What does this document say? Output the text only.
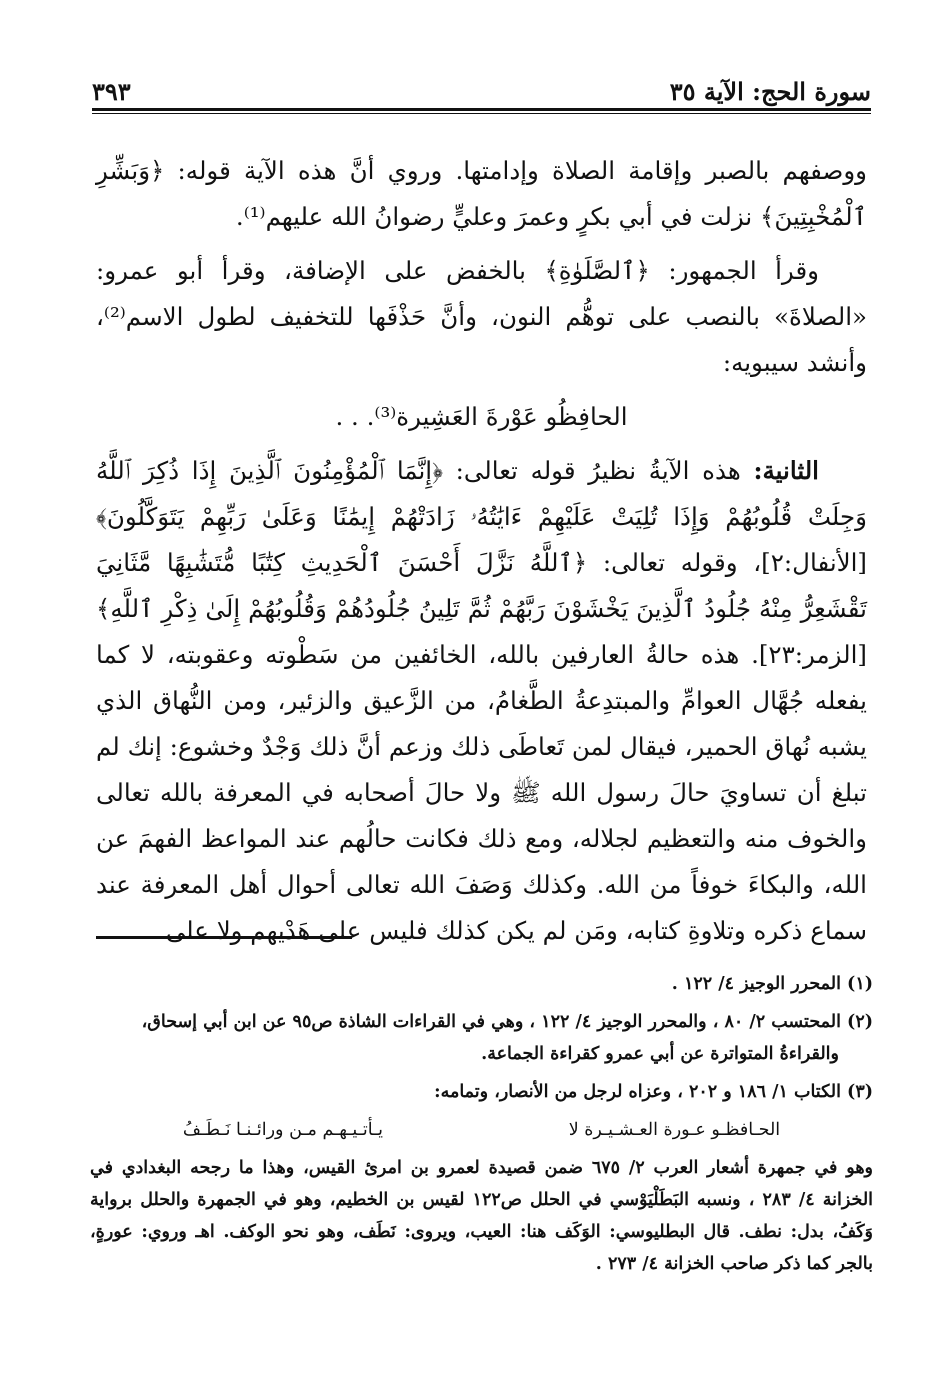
سورة الحج: الآية ٣٥
٣٩٣

ووصفهم بالصبر وإقامة الصلاة وإدامتها. وروي أنَّ هذه الآية قوله: ﴿وَبَشِّرِ ٱلْمُخْبِتِينَ﴾ نزلت في أبي بكرٍ وعمرَ وعليٍّ رضوانُ الله عليهم⁽¹⁾.

وقرأ الجمهور: ﴿ٱلصَّلَوٰةِ﴾ بالخفض على الإضافة، وقرأ أبو عمرو: «الصلاةَ» بالنصب على توهُّم النون، وأنَّ حَذْفَها للتخفيف لطول الاسم⁽²⁾، وأنشد سيبويه:

الحافِظُو عَوْرةَ العَشِيرة⁽³⁾. . .

الثانية: هذه الآيةُ نظيرُ قوله تعالى: ﴿إِنَّمَا ٱلْمُؤْمِنُونَ ٱلَّذِينَ إِذَا ذُكِرَ ٱللَّهُ وَجِلَتْ قُلُوبُهُمْ وَإِذَا تُلِيَتْ عَلَيْهِمْ ءَايَٰتُهُۥ زَادَتْهُمْ إِيمَٰنًا وَعَلَىٰ رَبِّهِمْ يَتَوَكَّلُونَ﴾ [الأنفال:٢]، وقوله تعالى: ﴿ٱللَّهُ نَزَّلَ أَحْسَنَ ٱلْحَدِيثِ كِتَٰبًا مُّتَشَٰبِهًا مَّثَانِيَ تَقْشَعِرُّ مِنْهُ جُلُودُ ٱلَّذِينَ يَخْشَوْنَ رَبَّهُمْ ثُمَّ تَلِينُ جُلُودُهُمْ وَقُلُوبُهُمْ إِلَىٰ ذِكْرِ ٱللَّهِ﴾ [الزمر:٢٣]. هذه حالةُ العارفين بالله، الخائفين من سَطْوته وعقوبته، لا كما يفعله جُهَّال العوامِّ والمبتدِعةُ الطَّغامُ، من الزَّعيق والزئير، ومن النُّهاق الذي يشبه نُهاق الحمير، فيقال لمن تَعاطَى ذلك وزعم أنَّ ذلك وَجْدٌ وخشوع: إنك لم تبلغ أن تساويَ حالَ رسول الله ﷺ ولا حالَ أصحابه في المعرفة بالله تعالى والخوف منه والتعظيم لجلاله، ومع ذلك فكانت حالُهم عند المواعظ الفهمَ عن الله، والبكاءَ خوفاً من الله. وكذلك وَصَفَ الله تعالى أحوال أهل المعرفة عند سماع ذكره وتلاوةِ كتابه، ومَن لم يكن كذلك فليس على هَدْيهم ولا على

(١) المحرر الوجيز ٤/ ١٢٢ .

(٢) المحتسب ٢/ ٨٠ ، والمحرر الوجيز ٤/ ١٢٢ ، وهي في القراءات الشاذة ص٩٥ عن ابن أبي إسحاق،

والقراءةُ المتواترة عن أبي عمرو كقراءة الجماعة.

(٣) الكتاب ١/ ١٨٦ و ٢٠٢ ، وعزاه لرجل من الأنصار، وتمامه:

الحـافظـو عـورة العـشـيـرة لا
يـأتـيـهـم مـن ورائـنـا نَـطَـفُ

وهو في جمهرة أشعار العرب ٢/ ٦٧٥ ضمن قصيدة لعمرو بن امرئ القيس، وهذا ما رجحه البغدادي في الخزانة ٤/ ٢٨٣ ، ونسبه البَطَلْيَوْسي في الحلل ص١٢٢ لقيس بن الخطيم، وهو في الجمهرة والحلل برواية وَكَفُ، بدل: نطف. قال البطليوسي: الوَكَف هنا: العيب، ويروى: نَطَف، وهو نحو الوكف. اهـ وروي: عورةٍ، بالجر كما ذكر صاحب الخزانة ٤/ ٢٧٣ .
